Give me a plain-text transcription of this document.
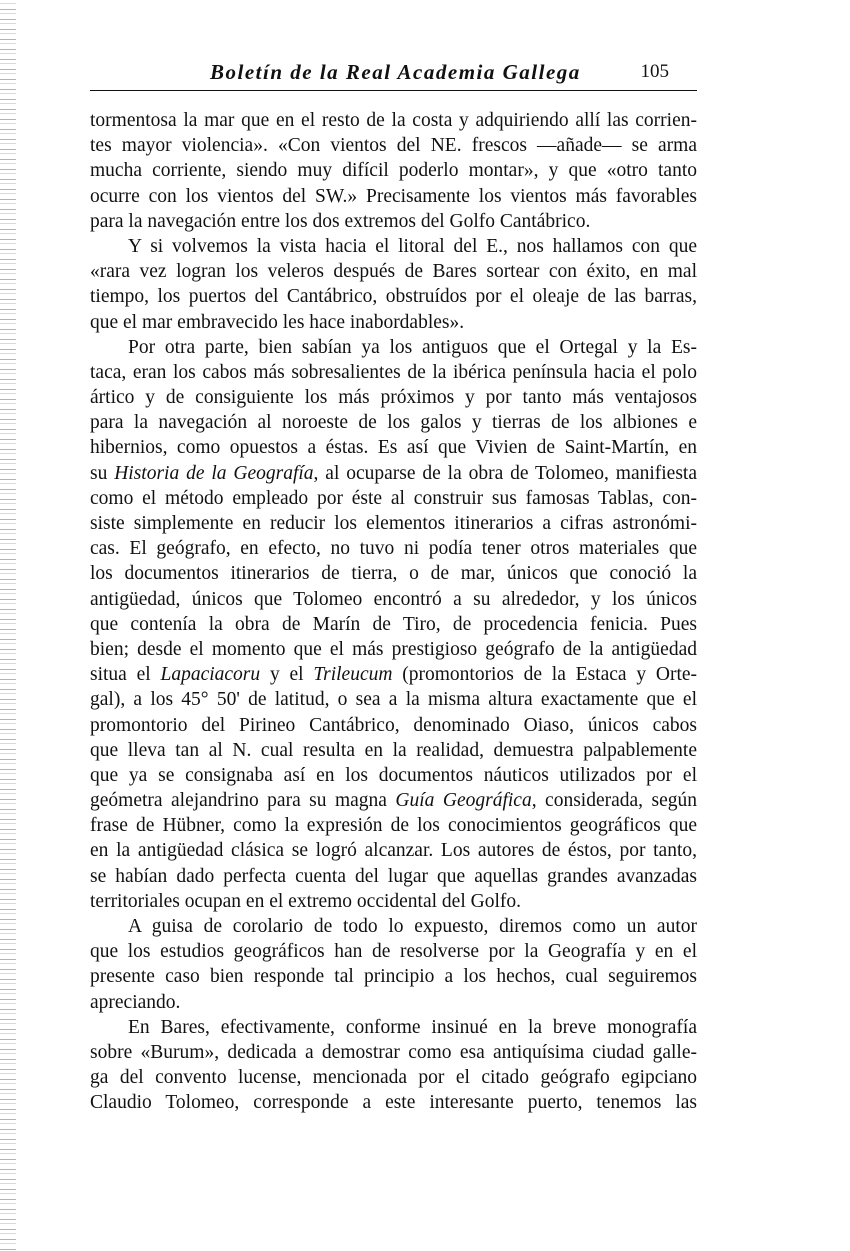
Boletín de la Real Academia Gallega	105
tormentosa la mar que en el resto de la costa y adquiriendo allí las corrien-
tes mayor violencia». «Con vientos del NE. frescos —añade— se arma
mucha corriente, siendo muy difícil poderlo montar», y que «otro tanto
ocurre con los vientos del SW.» Precisamente los vientos más favorables
para la navegación entre los dos extremos del Golfo Cantábrico.
Y si volvemos la vista hacia el litoral del E., nos hallamos con que
«rara vez logran los veleros después de Bares sortear con éxito, en mal
tiempo, los puertos del Cantábrico, obstruídos por el oleaje de las barras,
que el mar embravecido les hace inabordables».
Por otra parte, bien sabían ya los antiguos que el Ortegal y la Es-
taca, eran los cabos más sobresalientes de la ibérica península hacia el polo
ártico y de consiguiente los más próximos y por tanto más ventajosos
para la navegación al noroeste de los galos y tierras de los albiones e
hibernios, como opuestos a éstas. Es así que Vivien de Saint-Martín, en
su Historia de la Geografía, al ocuparse de la obra de Tolomeo, manifiesta
como el método empleado por éste al construir sus famosas Tablas, con-
siste simplemente en reducir los elementos itinerarios a cifras astronómi-
cas. El geógrafo, en efecto, no tuvo ni podía tener otros materiales que
los documentos itinerarios de tierra, o de mar, únicos que conoció la
antigüedad, únicos que Tolomeo encontró a su alrededor, y los únicos
que contenía la obra de Marín de Tiro, de procedencia fenicia. Pues
bien; desde el momento que el más prestigioso geógrafo de la antigüedad
situa el Lapaciacoru y el Trileucum (promontorios de la Estaca y Orte-
gal), a los 45° 50' de latitud, o sea a la misma altura exactamente que el
promontorio del Pirineo Cantábrico, denominado Oiaso, únicos cabos
que lleva tan al N. cual resulta en la realidad, demuestra palpablemente
que ya se consignaba así en los documentos náuticos utilizados por el
geómetra alejandrino para su magna Guía Geográfica, considerada, según
frase de Hübner, como la expresión de los conocimientos geográficos que
en la antigüedad clásica se logró alcanzar. Los autores de éstos, por tanto,
se habían dado perfecta cuenta del lugar que aquellas grandes avanzadas
territoriales ocupan en el extremo occidental del Golfo.
A guisa de corolario de todo lo expuesto, diremos como un autor
que los estudios geográficos han de resolverse por la Geografía y en el
presente caso bien responde tal principio a los hechos, cual seguiremos
apreciando.
En Bares, efectivamente, conforme insinué en la breve monografía
sobre «Burum», dedicada a demostrar como esa antiquísima ciudad galle-
ga del convento lucense, mencionada por el citado geógrafo egipciano
Claudio Tolomeo, corresponde a este interesante puerto, tenemos las
